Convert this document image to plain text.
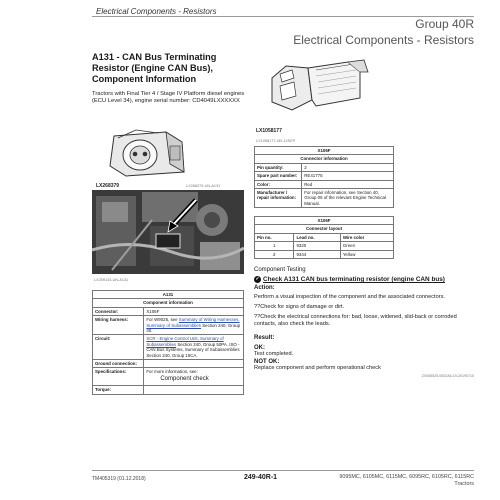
Electrical Components - Resistors
Group 40R
Electrical Components - Resistors
A131 - CAN Bus Terminating Resistor (Engine CAN Bus), Component Information
Tractors with Final Tier 4 / Stage IV Platform diesel engines (ECU Level 34), engine serial number: CD4049LXXXXXX
LX268379	LX268379-UN-A131
LX259143-UN-A131
A131	
Component information	
Connector:	X106F
Wiring harness:	For W9025, see Summary of Wiring Harnesses, Summary of Subassemblies Section 240, Group 40.
Circuit:	SCR - Engine Control Unit, Summary of Subassemblies Section 240, Group 50PA. ISO - CAN Bus Systems, Summary of Subassemblies Section 240, Group 15CA.
Ground connection:	
Specifications:	For more information, see:
Component check

Torque:	
LX1058177
LX1058177-UN-14SEP
X106F	
Connector information	
Pin quantity:	2
Spare part number:	RE41775
Color:	Red
Manufacturer / repair information:	For repair information, see Section 40, Group 05 of the relevant Engine Technical Manual.
X106F		
Connector layout		
Pin no.	Lead no.	Wire color
1	9320	Green
2	9344	Yellow
Component Testing
✓ Check A131 CAN bus terminating resistor (engine CAN bus)
Action:
Perform a visual inspection of the component and the associated connectors.
??Check for signs of damage or dirt.
??Check the electrical connections for: bad, loose, widened, slid-back or corroded contacts, also check the leads.
Result:
OK:
Test completed.
NOT OK:
Replace component and perform operational check
ZX055525,0002A6-19-20190715
TM405319 (01.12.2018)	249-40R-1	9095MC, 6105MC, 6115MC, 6095RC, 6105RC, 6115RC
Tractors
